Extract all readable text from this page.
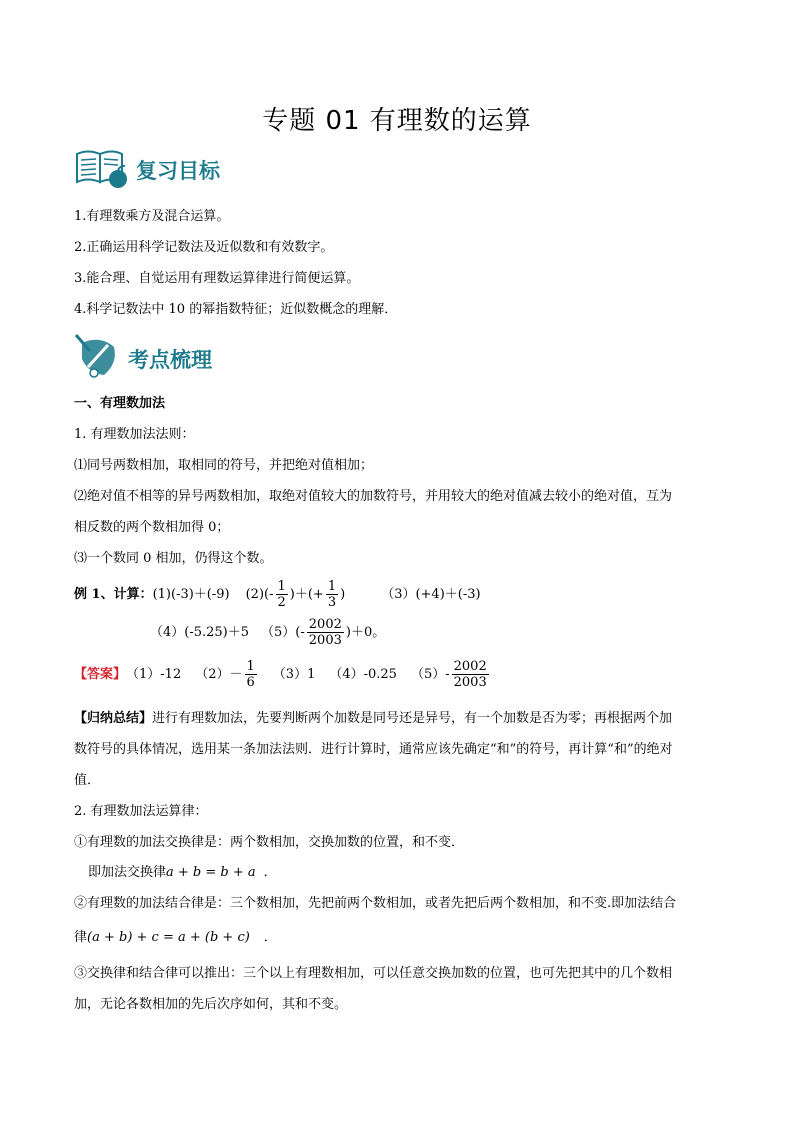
专题 01 有理数的运算
复习目标
1.有理数乘方及混合运算。
2.正确运用科学记数法及近似数和有效数字。
3.能合理、自觉运用有理数运算律进行简便运算。
4.科学记数法中 10 的幂指数特征；近似数概念的理解．
考点梳理
一、有理数加法
1. 有理数加法法则：
⑴同号两数相加，取相同的符号，并把绝对值相加；
⑵绝对值不相等的异号两数相加，取绝对值较大的加数符号，并用较大的绝对值减去较小的绝对值，互为
相反数的两个数相加得 0；
⑶一个数同 0 相加，仍得这个数。
例 1、计算： (1)(-3)＋(-9) $(2)(- \frac{1}{2}$ )＋(+ $\frac{1}{3}$ )	（3）(+4)＋(-3)
（4）(-5.25)＋5 $(5)(- \frac{2002}{2003} )+0$。
【答案】 （1）-12 $(2)- \frac{1}{6} (3)1$ （4）-0.25 $(5)- \frac{2002}{2003}$
【归纳总结】进行有理数加法，先要判断两个加数是同号还是异号，有一个加数是否为零；再根据两个加
数符号的具体情况，选用某一条加法法则．进行计算时，通常应该先确定“和”的符号，再计算“和”的绝对
值．
2. 有理数加法运算律：
①有理数的加法交换律是：两个数相加，交换加数的位置，和不变．
即加法交换律a + b = b + a ．
②有理数的加法结合律是：三个数相加，先把前两个数相加，或者先把后两个数相加，和不变.即加法结合
律(a + b) + c = a + (b + c) ．
③交换律和结合律可以推出：三个以上有理数相加，可以任意交换加数的位置，也可先把其中的几个数相
加，无论各数相加的先后次序如何，其和不变。
